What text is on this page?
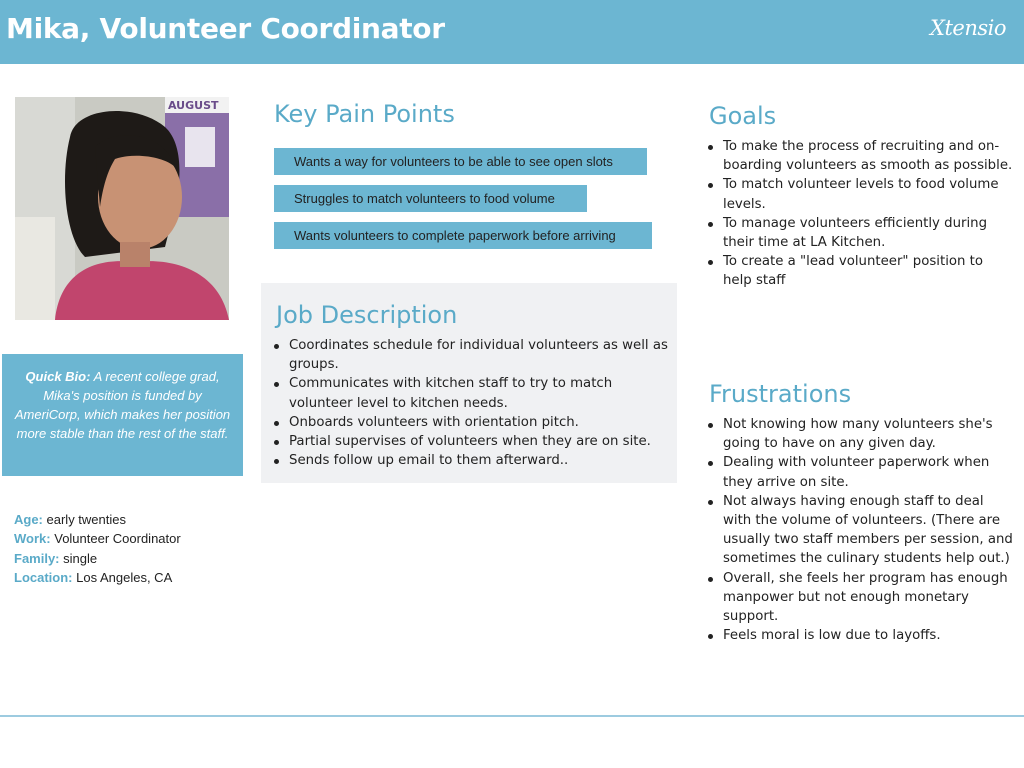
Mika, Volunteer Coordinator	Xtensio
AUGUST
Quick Bio: A recent college grad, Mika's position is funded by AmeriCorp, which makes her position more stable than the rest of the staff.
Age: early twenties
Work: Volunteer Coordinator
Family: single
Location: Los Angeles, CA
Key Pain Points
Wants a way for volunteers to be able to see open slots
Struggles to match volunteers to food volume
Wants volunteers to complete paperwork before arriving
Job Description
Coordinates schedule for individual volunteers as well as groups.
Communicates with kitchen staff to try to match volunteer level to kitchen needs.
Onboards volunteers with orientation pitch.
Partial supervises of volunteers when they are on site.
Sends follow up email to them afterward..
Goals
To make the process of recruiting and on-boarding volunteers as smooth as possible.
To match volunteer levels to food volume levels.
To manage volunteers efficiently during their time at LA Kitchen.
To create a "lead volunteer" position to help staff
Frustrations
Not knowing how many volunteers she's going to have on any given day.
Dealing with volunteer paperwork when they arrive on site.
Not always having enough staff to deal with the volume of volunteers. (There are usually two staff members per session, and sometimes the culinary students help out.)
Overall, she feels her program has enough manpower but not enough monetary support.
Feels moral is low due to layoffs.
